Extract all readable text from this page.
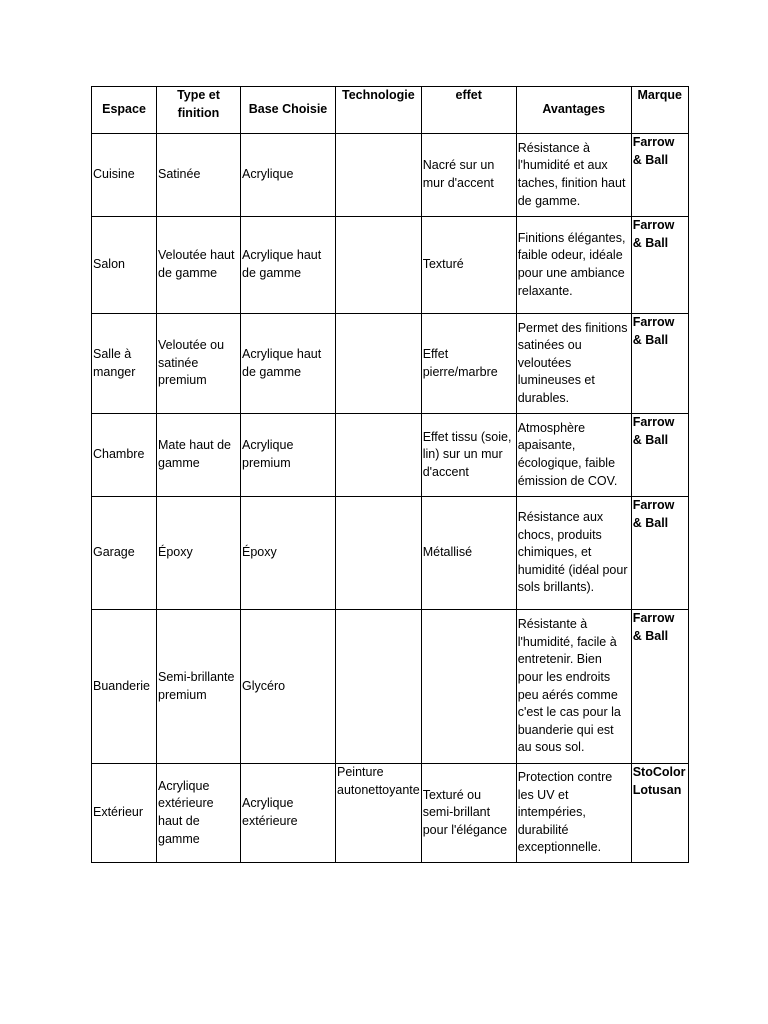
Espace	Type et finition	Base Choisie	Technologie	effet	Avantages	Marque
Cuisine	Satinée	Acrylique		Nacré sur un mur d'accent	Résistance à l'humidité et aux taches, finition haut de gamme.	Farrow & Ball
Salon	Veloutée haut de gamme	Acrylique haut de gamme		Texturé	Finitions élégantes, faible odeur, idéale pour une ambiance relaxante.	Farrow & Ball
Salle à manger	Veloutée ou satinée premium	Acrylique haut de gamme		Effet pierre/marbre	Permet des finitions satinées ou veloutées lumineuses et durables.	Farrow & Ball
Chambre	Mate haut de gamme	Acrylique premium		Effet tissu (soie, lin) sur un mur d'accent	Atmosphère apaisante, écologique, faible émission de COV.	Farrow & Ball
Garage	Époxy	Époxy		Métallisé	Résistance aux chocs, produits chimiques, et humidité (idéal pour sols brillants).	Farrow & Ball
Buanderie	Semi-brillante premium	Glycéro			Résistante à l'humidité, facile à entretenir. Bien pour les endroits peu aérés comme c'est le cas pour la buanderie qui est au sous sol.	Farrow & Ball
Extérieur	Acrylique extérieure haut de gamme	Acrylique extérieure	Peinture autonettoyante	Texturé ou semi-brillant pour l'élégance	Protection contre les UV et intempéries, durabilité exceptionnelle.	StoColor Lotusan
